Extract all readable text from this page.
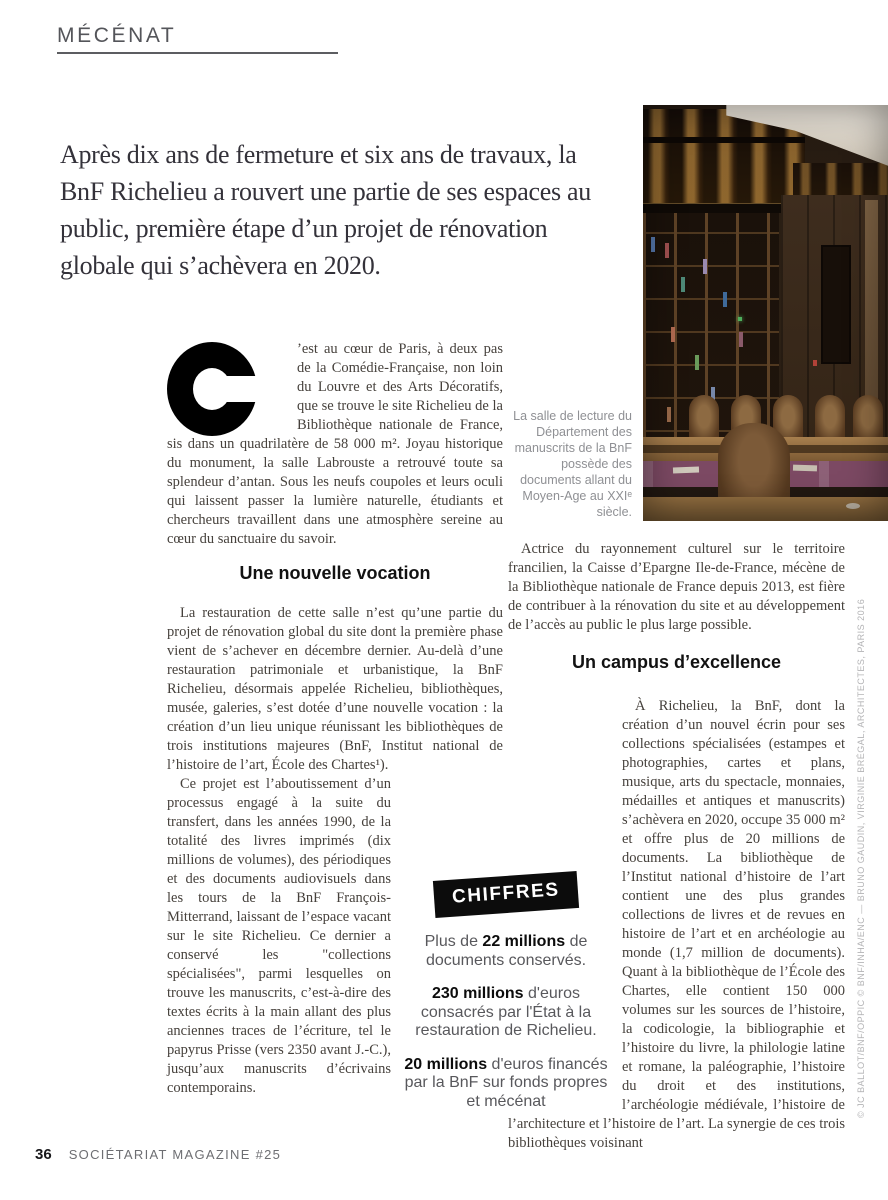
MÉCÉNAT

Après dix ans de fermeture et six ans de travaux, la BnF Richelieu a rouvert une partie de ses espaces au public, première étape d’un projet de rénovation globale qui s’achèvera en 2020.

La salle de lecture du Département des manuscrits de la BnF possède des documents allant du Moyen-Age au XXIᵉ siècle.

’est au cœur de Paris, à deux pas de la Comédie-Française, non loin du Louvre et des Arts Décoratifs, que se trouve le site Richelieu de la Bibliothèque nationale de France, sis dans un quadrilatère de 58 000 m². Joyau historique du monument, la salle Labrouste a retrouvé toute sa splendeur d’antan. Sous les neufs coupoles et leurs oculi qui laissent passer la lumière naturelle, étudiants et chercheurs travaillent dans une atmosphère sereine au cœur du sanctuaire du savoir.

Une nouvelle vocation

La restauration de cette salle n’est qu’une partie du projet de rénovation global du site dont la première phase vient de s’achever en décembre dernier. Au-delà d’une restauration patrimoniale et urbanistique, la BnF Richelieu, désormais appelée Richelieu, bibliothèques, musée, galeries, s’est dotée d’une nouvelle vocation : la création d’un lieu unique réunissant les bibliothèques de trois institutions majeures (BnF, Institut national de l’histoire de l’art, École des Chartes¹).

Ce projet est l’aboutissement d’un processus engagé à la suite du transfert, dans les années 1990, de la totalité des livres imprimés (dix millions de volumes), des périodiques et des documents audiovisuels dans les tours de la BnF François-Mitterrand, laissant de l’espace vacant sur le site Richelieu. Ce dernier a conservé les "collections spécialisées", parmi lesquelles on trouve les manuscrits, c’est-à-dire des textes écrits à la main allant des plus anciennes traces de l’écriture, tel le papyrus Prisse (vers 2350 avant J.-C.), jusqu’aux manuscrits d’écrivains contemporains.

Actrice du rayonnement culturel sur le territoire francilien, la Caisse d’Epargne Ile-de-France, mécène de la Bibliothèque nationale de France depuis 2013, est fière de contribuer à la rénovation du site et au développement de l’accès au public le plus large possible.

Un campus d’excellence

À Richelieu, la BnF, dont la création d’un nouvel écrin pour ses collections spécialisées (estampes et photographies, cartes et plans, musique, arts du spectacle, monnaies, médailles et antiques et manuscrits) s’achèvera en 2020, occupe 35 000 m² et offre plus de 20 millions de documents. La bibliothèque de l’Institut national d’histoire de l’art contient une des plus grandes collections de livres et de revues en histoire de l’art et en archéologie au monde (1,7 million de documents). Quant à la bibliothèque de l’École des Chartes, elle contient 150 000 volumes sur les sources de l’histoire, la codicologie, la bibliographie et l’histoire du livre, la philologie latine et romane, la paléographie, l’histoire du droit et des institutions, l’archéologie médiévale, l’histoire de l’architecture et l’histoire de l’art. La synergie de ces trois bibliothèques voisinant

CHIFFRES

Plus de 22 millions de documents conservés.

230 millions d'euros consacrés par l'État à la restauration de Richelieu.

20 millions d'euros financés par la BnF sur fonds propres et mécénat	© JC BALLOT/BNF/OPPIC © BNF/INHA/ENC — BRUNO GAUDIN, VIRGINIE BRÉGAL, ARCHITECTES, PARIS 2016
36 SOCIÉTARIAT MAGAZINE #25
